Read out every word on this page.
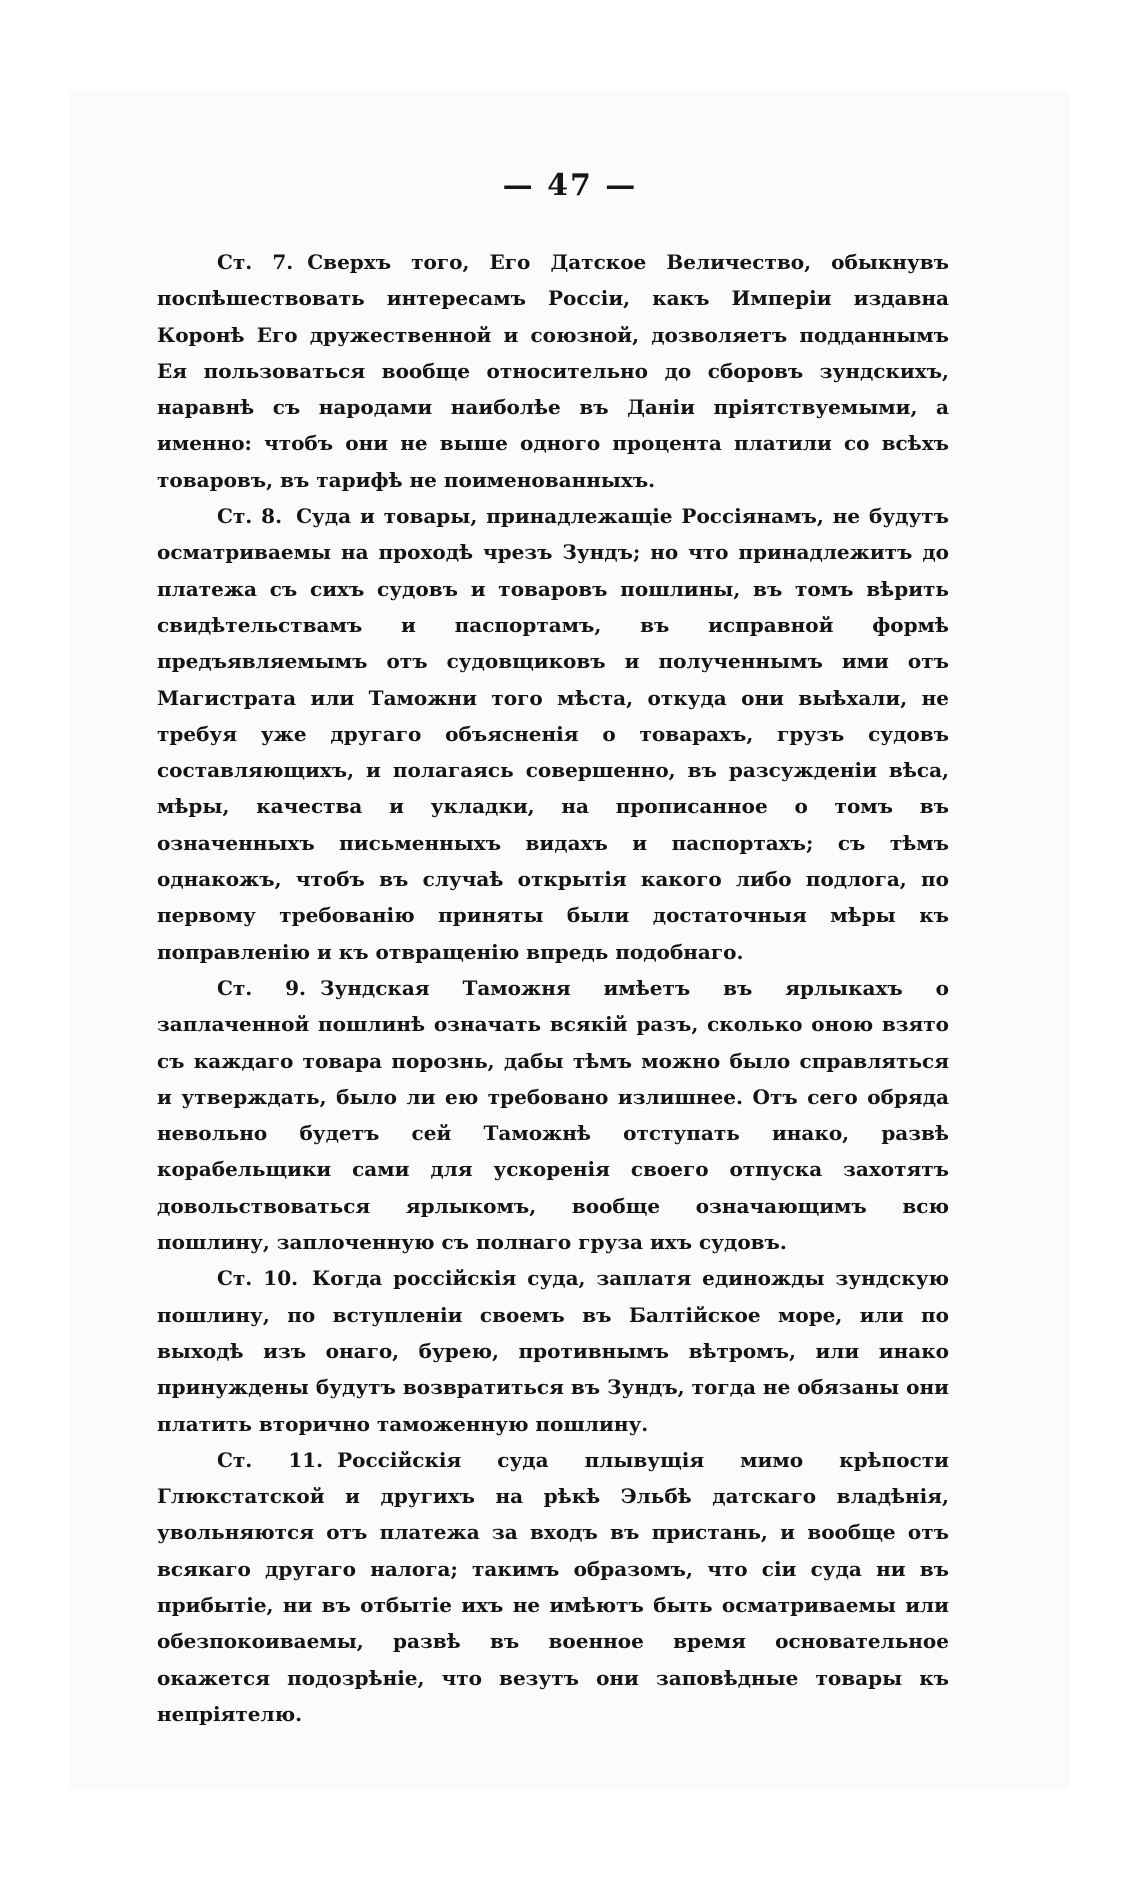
— 47 —

Ст. 7. Сверхъ того, Его Датское Величество, обыкнувъ поспѣшествовать интересамъ Россіи, какъ Имперіи издавна Коронѣ Его дружественной и союзной, дозволяетъ подданнымъ Ея пользоваться вообще относительно до сборовъ зундскихъ, наравнѣ съ народами наиболѣе въ Даніи пріятствуемыми, а именно: чтобъ они не выше одного процента платили со всѣхъ товаровъ, въ тарифѣ не поименованныхъ.

Ст. 8. Суда и товары, принадлежащіе Россіянамъ, не будутъ осматриваемы на проходѣ чрезъ Зундъ; но что принадлежитъ до платежа съ сихъ судовъ и товаровъ пошлины, въ томъ вѣрить свидѣтельствамъ и паспортамъ, въ исправной формѣ предъявляемымъ отъ судовщиковъ и полученнымъ ими отъ Магистрата или Таможни того мѣста, откуда они выѣхали, не требуя уже другаго объясненія о товарахъ, грузъ судовъ составляющихъ, и полагаясь совершенно, въ разсужденіи вѣса, мѣры, качества и укладки, на прописанное о томъ въ означенныхъ письменныхъ видахъ и паспортахъ; съ тѣмъ однакожъ, чтобъ въ случаѣ открытія какого либо подлога, по первому требованію приняты были достаточныя мѣры къ поправленію и къ отвращенію впредь подобнаго.

Ст. 9. Зундская Таможня имѣетъ въ ярлыкахъ о заплаченной пошлинѣ означать всякій разъ, сколько оною взято съ каждаго товара порознь, дабы тѣмъ можно было справляться и утверждать, было ли ею требовано излишнее. Отъ сего обряда невольно будетъ сей Таможнѣ отступать инако, развѣ корабельщики сами для ускоренія своего отпуска захотятъ довольствоваться ярлыкомъ, вообще означающимъ всю пошлину, заплоченную съ полнаго груза ихъ судовъ.

Ст. 10. Когда россійскія суда, заплатя единожды зундскую пошлину, по вступленіи своемъ въ Балтійское море, или по выходѣ изъ онаго, бурею, противнымъ вѣтромъ, или инако принуждены будутъ возвратиться въ Зундъ, тогда не обязаны они платить вторично таможенную пошлину.

Ст. 11. Россійскія суда плывущія мимо крѣпости Глюкстатской и другихъ на рѣкѣ Эльбѣ датскаго владѣнія, увольняются отъ платежа за входъ въ пристань, и вообще отъ всякаго другаго налога; такимъ образомъ, что сіи суда ни въ прибытіе, ни въ отбытіе ихъ не имѣютъ быть осматриваемы или обезпокоиваемы, развѣ въ военное время основательное окажется подозрѣніе, что везутъ они заповѣдные товары къ непріятелю.
